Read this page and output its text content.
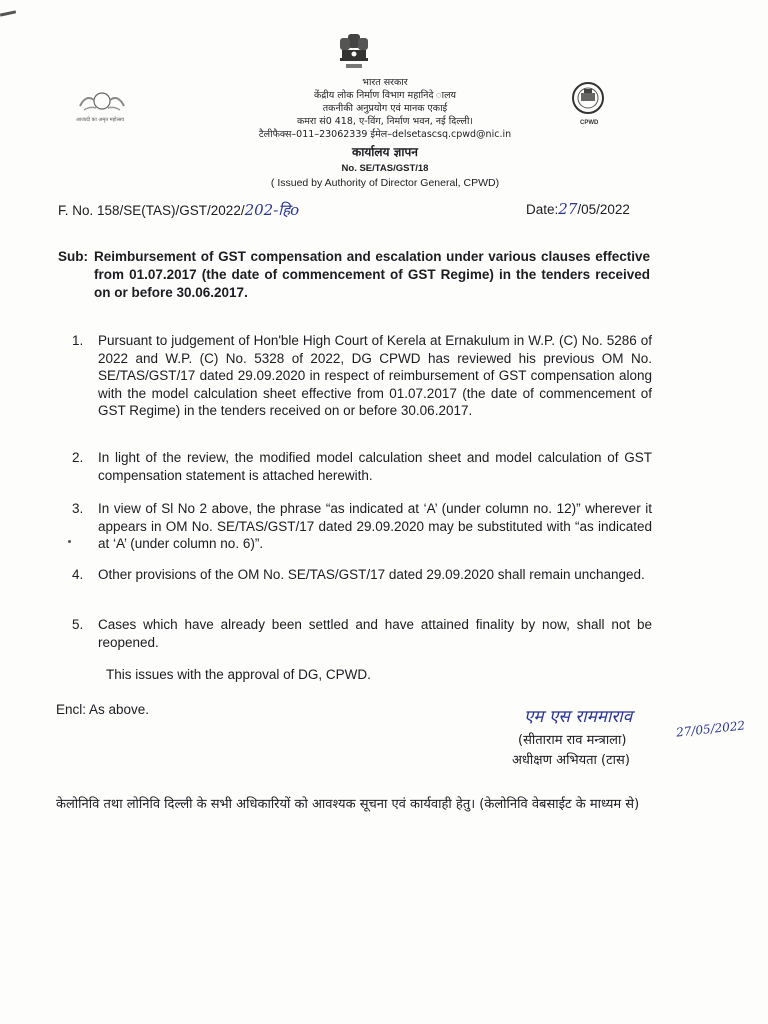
आजादी का अमृत महोत्सव	CPWD
भारत सरकार
केंद्रीय लोक निर्माण विभाग महानिदे ालय
तकनीकी अनुप्रयोग एवं मानक एकाई
कमरा सं0 418, ए-विंग, निर्माण भवन, नई दिल्ली।
टैलीफैक्स–011–23062339 ईमेल–delsetascsq.cpwd@nic.in
कार्यालय ज्ञापन
No. SE/TAS/GST/18
( Issued by Authority of Director General, CPWD)
F. No. 158/SE(TAS)/GST/2022/202-हिo	Date:27/05/2022
Sub: Reimbursement of GST compensation and escalation under various clauses effective from 01.07.2017 (the date of commencement of GST Regime) in the tenders received on or before 30.06.2017.
1. Pursuant to judgement of Hon'ble High Court of Kerela at Ernakulum in W.P. (C) No. 5286 of 2022 and W.P. (C) No. 5328 of 2022, DG CPWD has reviewed his previous OM No. SE/TAS/GST/17 dated 29.09.2020 in respect of reimbursement of GST compensation along with the model calculation sheet effective from 01.07.2017 (the date of commencement of GST Regime) in the tenders received on or before 30.06.2017.
2. In light of the review, the modified model calculation sheet and model calculation of GST compensation statement is attached herewith.
3. In view of Sl No 2 above, the phrase “as indicated at ‘A’ (under column no. 12)” wherever it appears in OM No. SE/TAS/GST/17 dated 29.09.2020 may be substituted with “as indicated at ‘A’ (under column no. 6)”.
4. Other provisions of the OM No. SE/TAS/GST/17 dated 29.09.2020 shall remain unchanged.
5. Cases which have already been settled and have attained finality by now, shall not be reopened.
This issues with the approval of DG, CPWD.
Encl: As above.	एम एस राममाराव
27/05/2022
(सीताराम राव मन्त्राला)
अधीक्षण अभियता (टास)
केलोनिवि तथा लोनिवि दिल्ली के सभी अधिकारियों को आवश्यक सूचना एवं कार्यवाही हेतु। (केलोनिवि वेबसाईट के माध्यम से)
